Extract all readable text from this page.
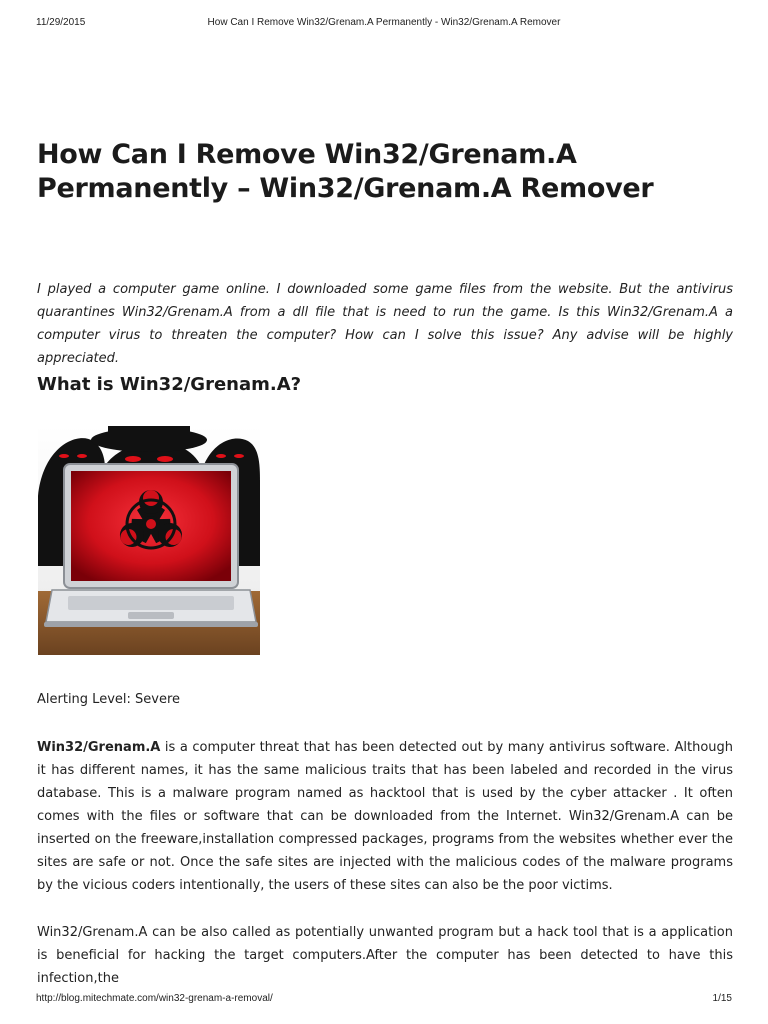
11/29/2015	How Can I Remove Win32/Grenam.A Permanently - Win32/Grenam.A Remover
How Can I Remove Win32/Grenam.A Permanently – Win32/Grenam.A Remover

I played a computer game online. I downloaded some game files from the website. But the antivirus quarantines Win32/Grenam.A from a dll file that is need to run the game. Is this Win32/Grenam.A a computer virus to threaten the computer? How can I solve this issue? Any advise will be highly appreciated.

What is Win32/Grenam.A?

Alerting Level: Severe

Win32/Grenam.A is a computer threat that has been detected out by many antivirus software. Although it has different names, it has the same malicious traits that has been labeled and recorded in the virus database. This is a malware program named as hacktool that is used by the cyber attacker . It often comes with the files or software that can be downloaded from the Internet. Win32/Grenam.A can be inserted on the freeware,installation compressed packages, programs from the websites whether ever the sites are safe or not. Once the safe sites are injected with the malicious codes of the malware programs by the vicious coders intentionally, the users of these sites can also be the poor victims.

Win32/Grenam.A can be also called as potentially unwanted program but a hack tool that is a application is beneficial for hacking the target computers.After the computer has been detected to have this infection,the

http://blog.mitechmate.com/win32-grenam-a-removal/	1/15
